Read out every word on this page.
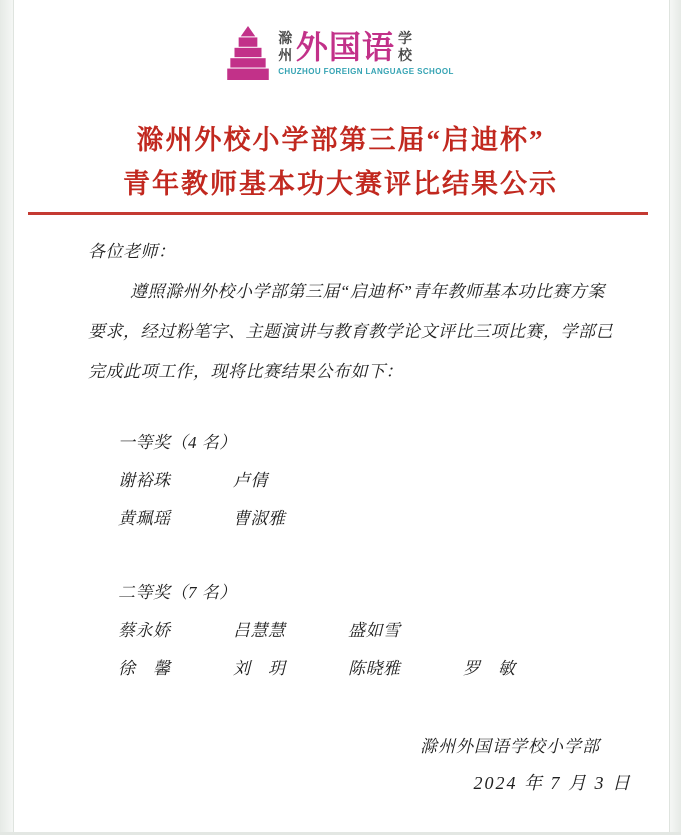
滁州 外国语 学校
CHUZHOU FOREIGN LANGUAGE SCHOOL
滁州外校小学部第三届“启迪杯”
青年教师基本功大赛评比结果公示
各位老师：
遵照滁州外校小学部第三届“启迪杯”青年教师基本功比赛方案
要求，经过粉笔字、主题演讲与教育教学论文评比三项比赛，学部已
完成此项工作，现将比赛结果公布如下：
一等奖（4 名）
谢裕珠	卢倩
黄珮瑶	曹淑雅
二等奖（7 名）
蔡永娇	吕慧慧	盛如雪
徐　馨	刘　玥	陈晓雅	罗　敏
滁州外国语学校小学部
2024 年 7 月 3 日
